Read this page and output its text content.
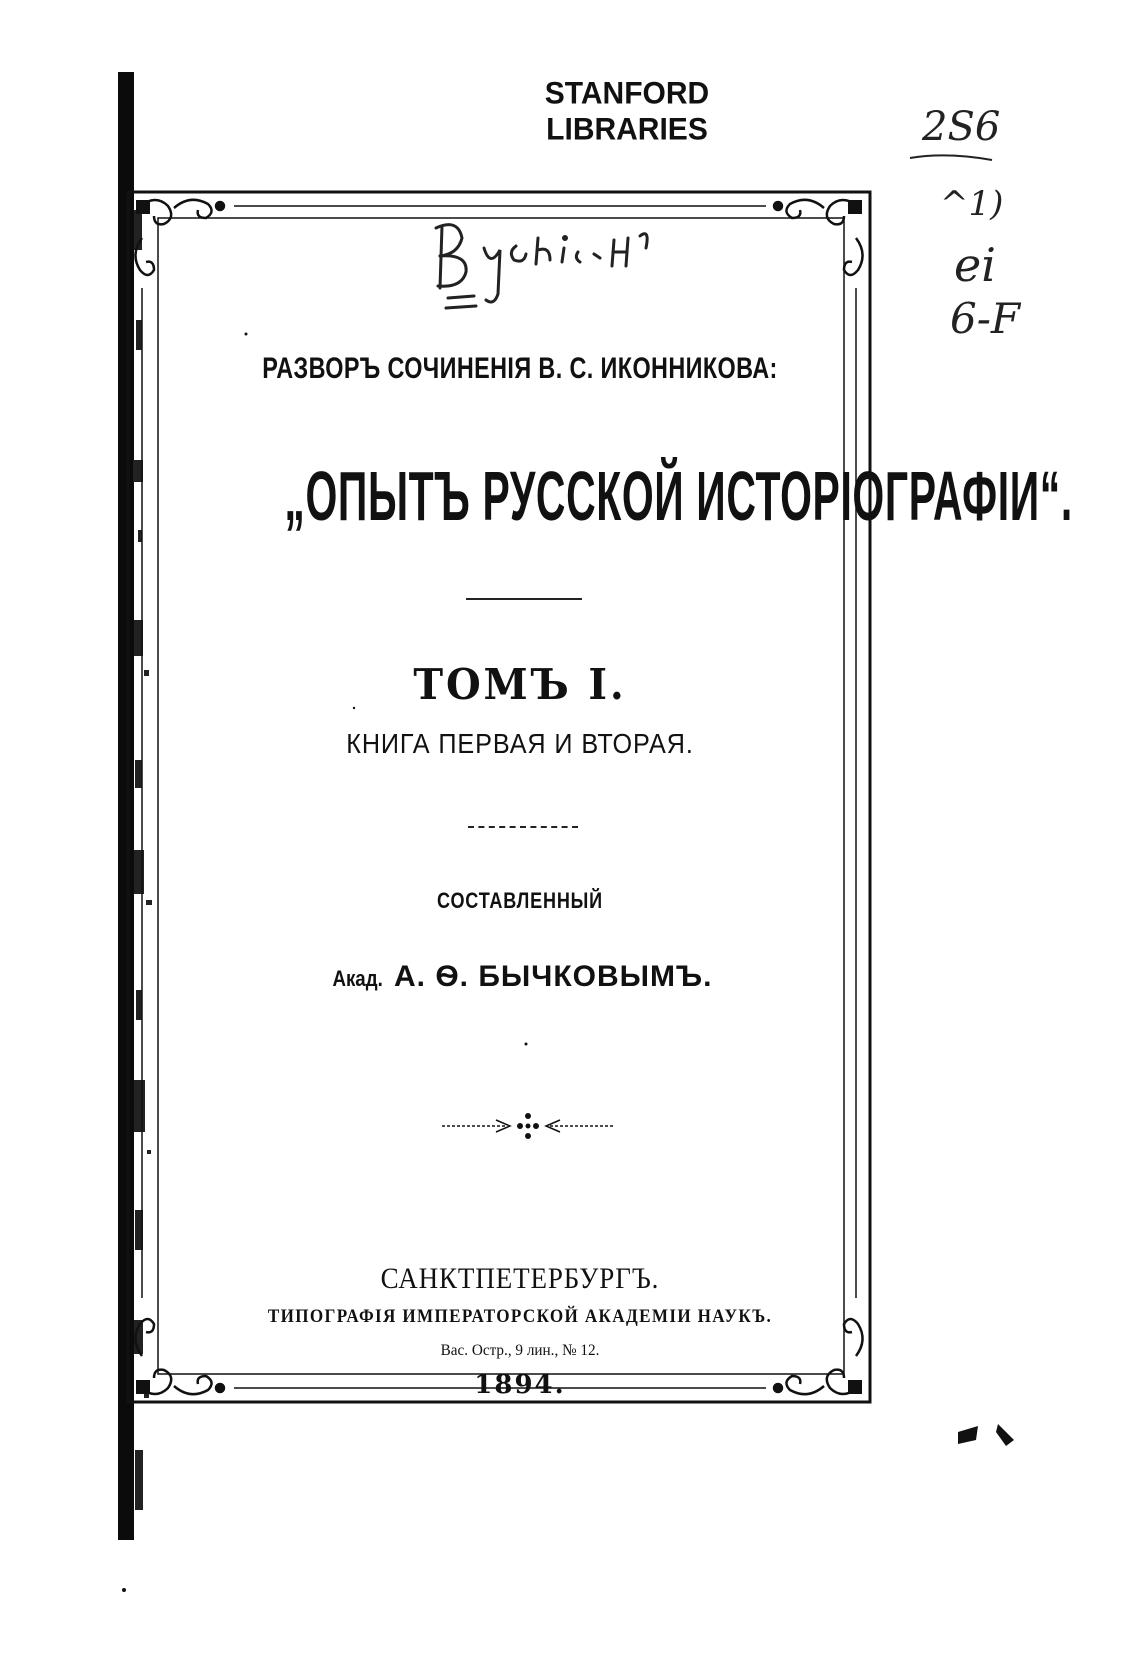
STANFORD LIBRARIES	2Ѕ6
^1)
ei
6-F
РАЗВОРЪ СОЧИНЕНІЯ В. С. ИКОННИКОВА:
„ОПЫТЪ РУССКОЙ ИСТОРІОГРАФІИ“.
ТОМЪ I.
КНИГА ПЕРВАЯ И ВТОРАЯ.
СОСТАВЛЕННЫЙ
Акад. А. Ѳ. БЫЧКОВЫМЪ.
САНКТПЕТЕРБУРГЪ.
ТИПОГРАФІЯ ИМПЕРАТОРСКОЙ АКАДЕМІИ НАУКЪ.
Вас. Остр., 9 лин., № 12.
1894.
